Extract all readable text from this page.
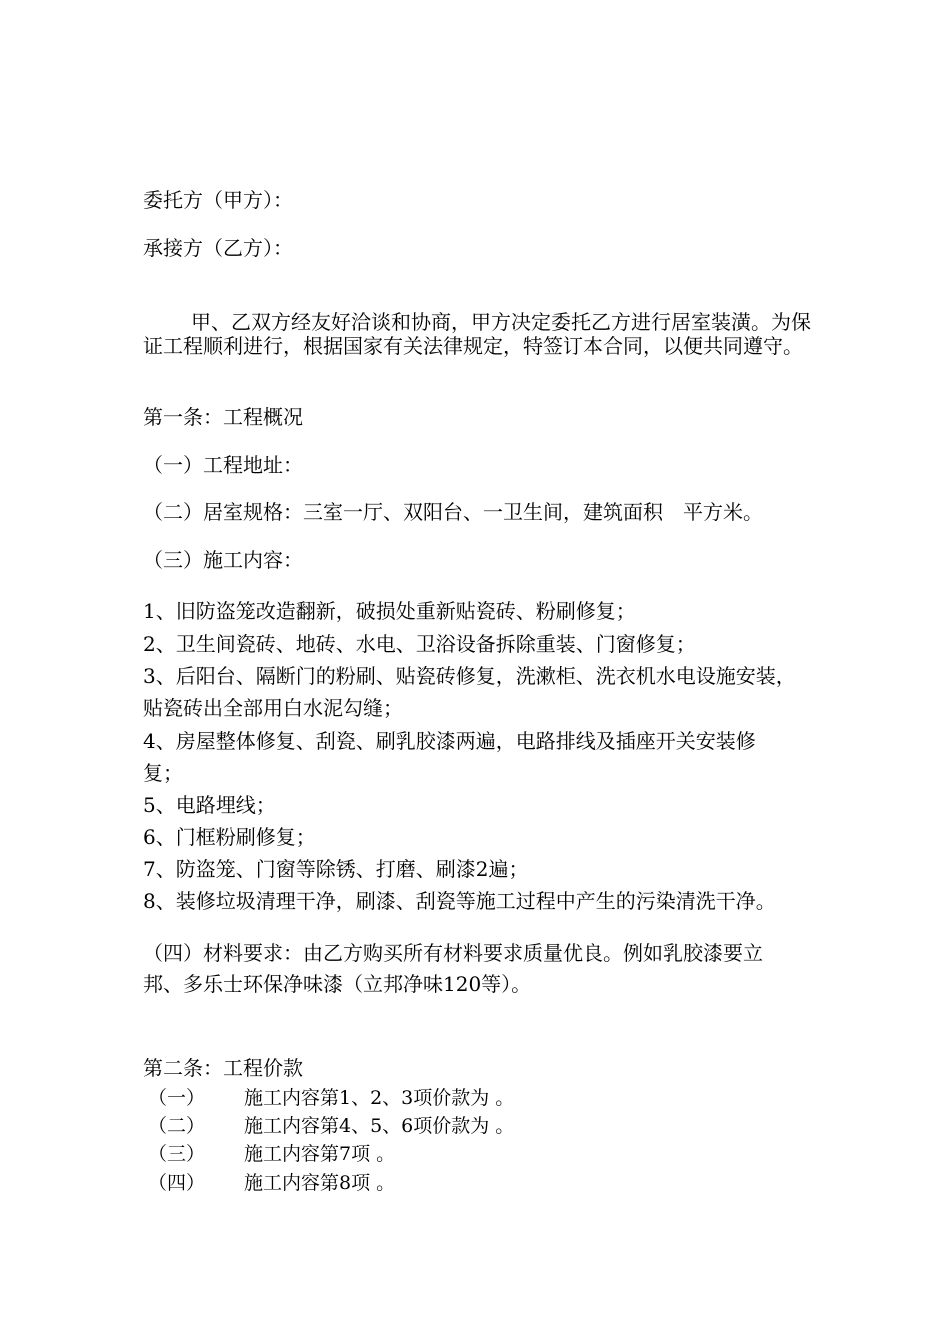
委托方（甲方）：

承接方（乙方）：

甲、乙双方经友好洽谈和协商，甲方决定委托乙方进行居室装潢。为保证工程顺利进行，根据国家有关法律规定，特签订本合同，以便共同遵守。

第一条：工程概况

（一）工程地址：

（二）居室规格：三室一厅、双阳台、一卫生间，建筑面积　平方米。

（三）施工内容：

1、旧防盗笼改造翻新，破损处重新贴瓷砖、粉刷修复；

2、卫生间瓷砖、地砖、水电、卫浴设备拆除重装、门窗修复；

3、后阳台、隔断门的粉刷、贴瓷砖修复，洗漱柜、洗衣机水电设施安装，

贴瓷砖出全部用白水泥勾缝；

4、房屋整体修复、刮瓷、刷乳胶漆两遍，电路排线及插座开关安装修

复；

5、电路埋线；

6、门框粉刷修复；

7、防盗笼、门窗等除锈、打磨、刷漆2遍；

8、装修垃圾清理干净，刷漆、刮瓷等施工过程中产生的污染清洗干净。

（四）材料要求：由乙方购买所有材料要求质量优良。例如乳胶漆要立

邦、多乐士环保净味漆（立邦净味120等）。

第二条：工程价款

（一） 施工内容第1、2、3项价款为 。

（二） 施工内容第4、5、6项价款为 。

（三） 施工内容第7项 。

（四） 施工内容第8项 。
